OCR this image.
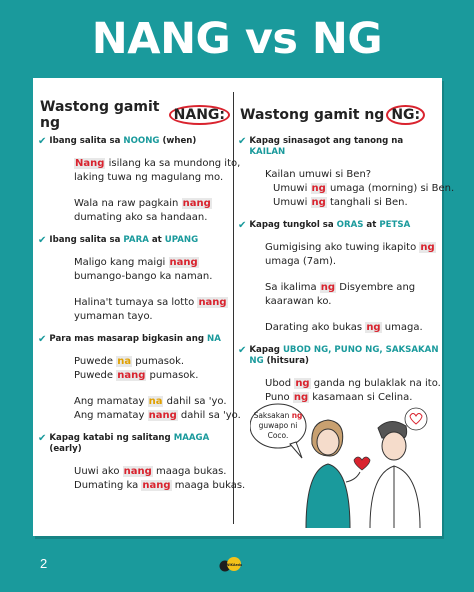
NANG vs NG
Wastong gamit ng	NANG:
✔ Ibang salita sa NOONG (when)

Nang isilang ka sa mundong ito,

laking tuwa ng magulang mo.

Wala na raw pagkain nang

dumating ako sa handaan.

✔ Ibang salita sa PARA at UPANG

Maligo kang maigi nang

bumango-bango ka naman.

Halina't tumaya sa lotto nang

yumaman tayo.

✔ Para mas masarap bigkasin ang NA

Puwede na pumasok.

Puwede nang pumasok.

Ang mamatay na dahil sa 'yo.

Ang mamatay nang dahil sa 'yo.

✔ Kapag katabi ng salitang MAAGA (early)

Uuwi ako nang maaga bukas.

Dumating ka nang maaga bukas.

Wastong gamit ng NG:
✔ Kapag sinasagot ang tanong na KAILAN

Kailan umuwi si Ben?

Umuwi ng umaga (morning) si Ben.

Umuwi ng tanghali si Ben.

✔ Kapag tungkol sa ORAS at PETSA

Gumigising ako tuwing ikapito ng

umaga (7am).

Sa ikalima ng Disyembre ang

kaarawan ko.

Darating ako bukas ng umaga.

✔ Kapag UBOD NG, PUNO NG, SAKSAKAN NG (hitsura)

Ubod ng ganda ng bulaklak na ito.

Puno ng kasamaan si Celina.

Saksakan ng
guwapo ni
Coco.
2	WIKAedu
